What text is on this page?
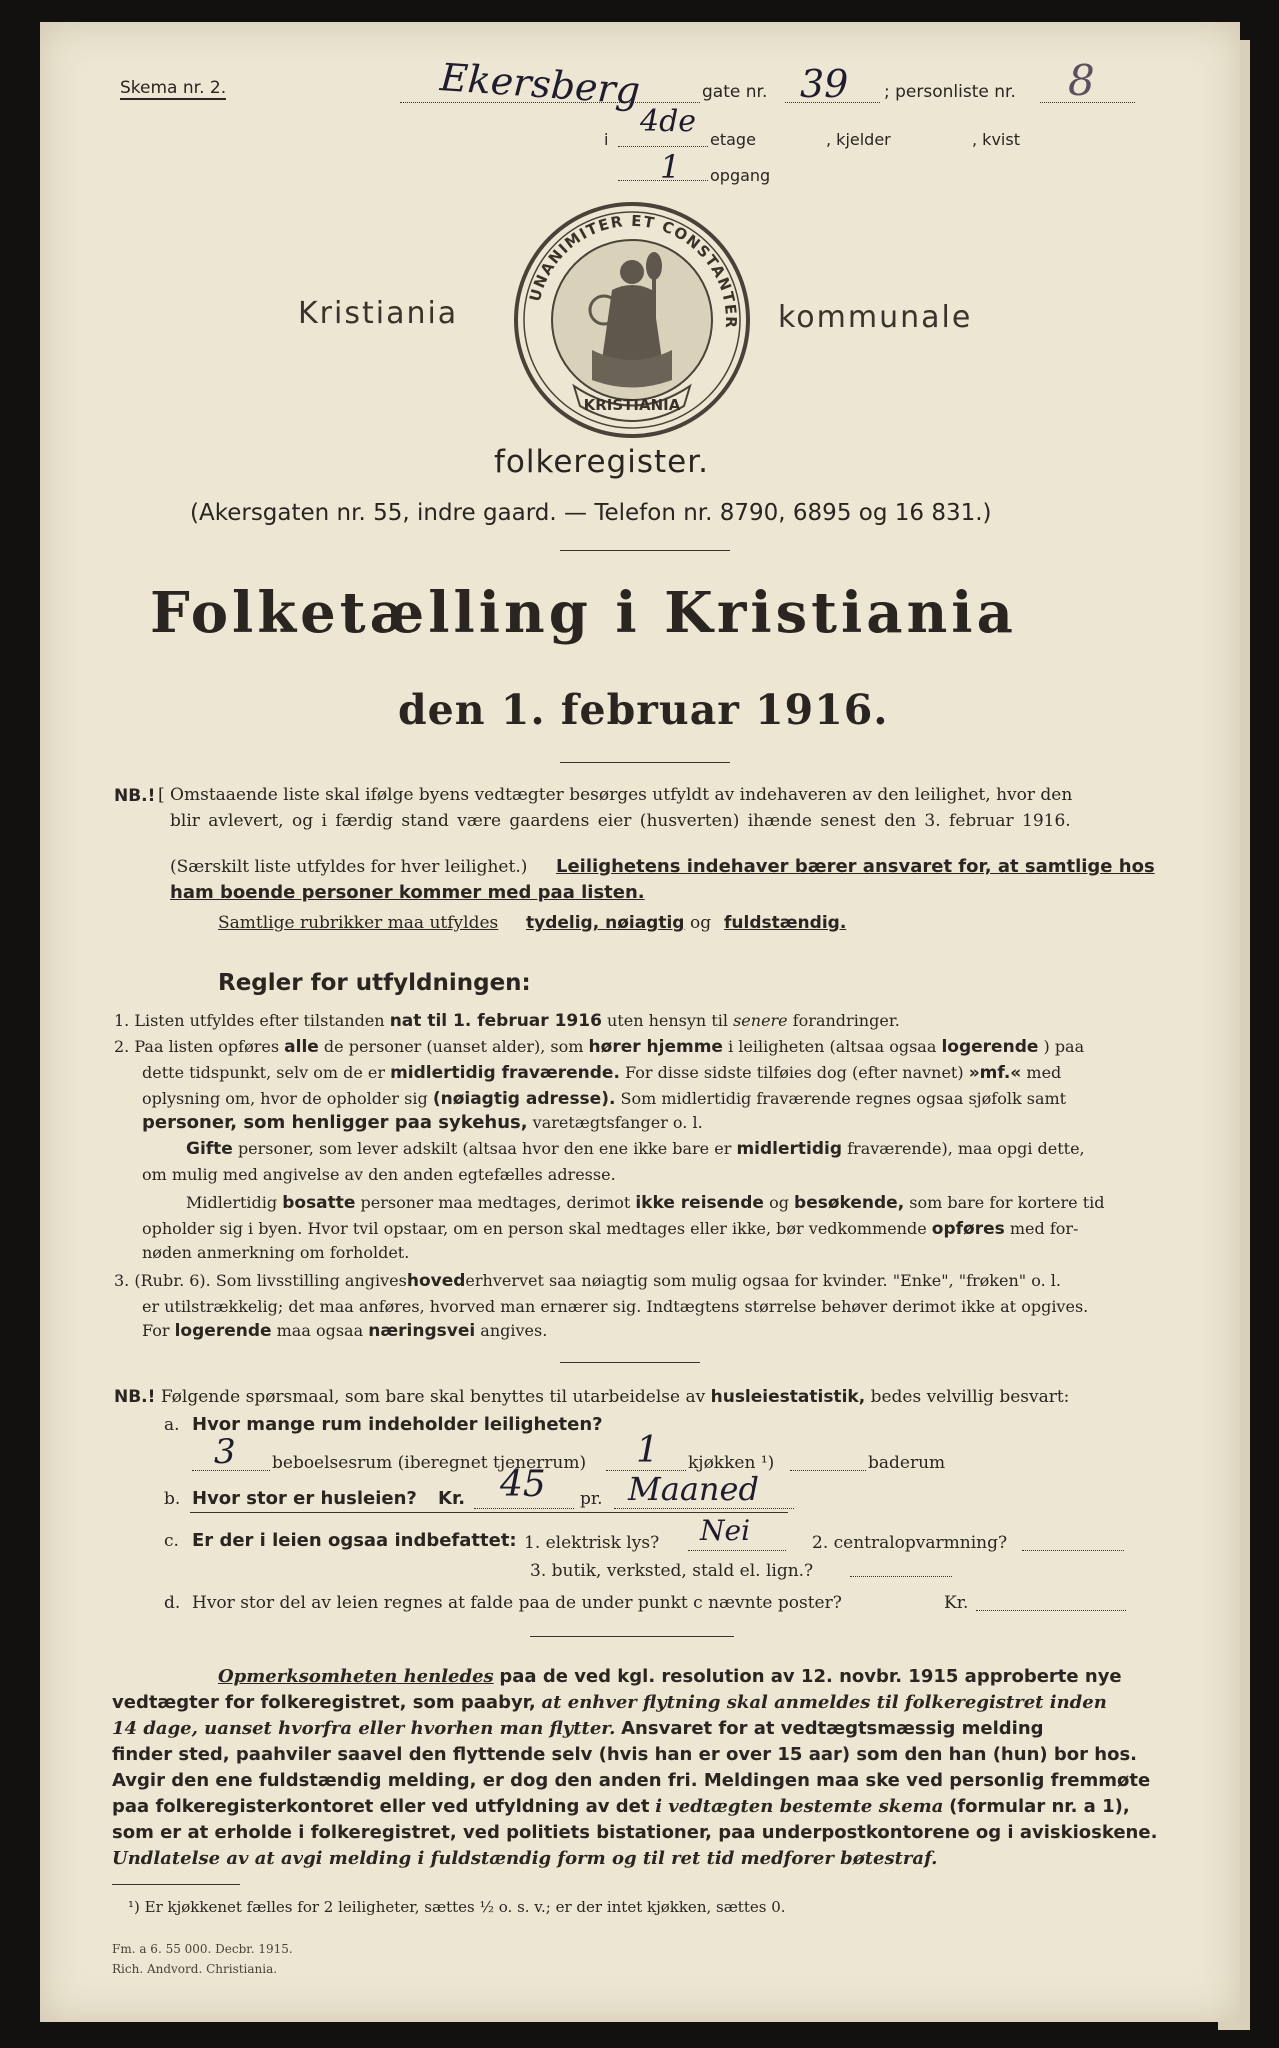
Skema nr. 2.	Ekersberg	gate nr. 39 ; personliste nr. 8
i
4de
etage	, kjelder	, kvist
1 opgang
Kristiania	kommunale
UNANIMITER ET CONSTANTER
KRISTIANIA
folkeregister.
(Akersgaten nr. 55, indre gaard. — Telefon nr. 8790, 6895 og 16 831.)
Folketælling i Kristiania
den 1. februar 1916.
NB.! [ Omstaaende liste skal ifølge byens vedtægter besørges utfyldt av indehaveren av den leilighet, hvor den
blir avlevert, og i færdig stand være gaardens eier (husverten) ihænde senest den 3. februar 1916.
(Særskilt liste utfyldes for hver leilighet.) Leilighetens indehaver bærer ansvaret for, at samtlige hos
ham boende personer kommer med paa listen.
Samtlige rubrikker maa utfyldes tydelig, nøiagtig og fuldstændig.
Regler for utfyldningen:
1. Listen utfyldes efter tilstanden nat til 1. februar 1916 uten hensyn til senere forandringer.
2. Paa listen opføres alle de personer (uanset alder), som hører hjemme i leiligheten (altsaa ogsaa logerende ) paa
dette tidspunkt, selv om de er midlertidig fraværende. For disse sidste tilføies dog (efter navnet) »mf.« med
oplysning om, hvor de opholder sig (nøiagtig adresse). Som midlertidig fraværende regnes ogsaa sjøfolk samt
personer, som henligger paa sykehus, varetægtsfanger o. l.
Gifte personer, som lever adskilt (altsaa hvor den ene ikke bare er midlertidig fraværende), maa opgi dette,
om mulig med angivelse av den anden egtefælles adresse.
Midlertidig bosatte personer maa medtages, derimot ikke reisende og besøkende, som bare for kortere tid
opholder sig i byen. Hvor tvil opstaar, om en person skal medtages eller ikke, bør vedkommende opføres med for-
nøden anmerkning om forholdet.
3. (Rubr. 6). Som livsstilling angiveshovederhvervet saa nøiagtig som mulig ogsaa for kvinder. "Enke", "frøken" o. l.
er utilstrækkelig; det maa anføres, hvorved man ernærer sig. Indtægtens størrelse behøver derimot ikke at opgives.
For logerende maa ogsaa næringsvei angives.
NB.! Følgende spørsmaal, som bare skal benyttes til utarbeidelse av husleiestatistik, bedes velvillig besvart:
a. Hvor mange rum indeholder leiligheten?
3 beboelsesrum (iberegnet tjenerrum) 1 kjøkken ¹)	baderum
b. Hvor stor er husleien? Kr. 45 pr. Maaned
c. Er der i leien ogsaa indbefattet: 1. elektrisk lys? Nei	2. centralopvarmning?
3. butik, verksted, stald el. lign.?
d. Hvor stor del av leien regnes at falde paa de under punkt c nævnte poster?	Kr.
Opmerksomheten henledes paa de ved kgl. resolution av 12. novbr. 1915 approberte nye
vedtægter for folkeregistret, som paabyr, at enhver flytning skal anmeldes til folkeregistret inden
14 dage, uanset hvorfra eller hvorhen man flytter. Ansvaret for at vedtægtsmæssig melding
finder sted, paahviler saavel den flyttende selv (hvis han er over 15 aar) som den han (hun) bor hos.
Avgir den ene fuldstændig melding, er dog den anden fri. Meldingen maa ske ved personlig fremmøte
paa folkeregisterkontoret eller ved utfyldning av det i vedtægten bestemte skema (formular nr. a 1),
som er at erholde i folkeregistret, ved politiets bistationer, paa underpostkontorene og i aviskioskene.
Undlatelse av at avgi melding i fuldstændig form og til ret tid medforer bøtestraf.
¹) Er kjøkkenet fælles for 2 leiligheter, sættes ½ o. s. v.; er der intet kjøkken, sættes 0.
Fm. a 6. 55 000. Decbr. 1915.
Rich. Andvord. Christiania.
